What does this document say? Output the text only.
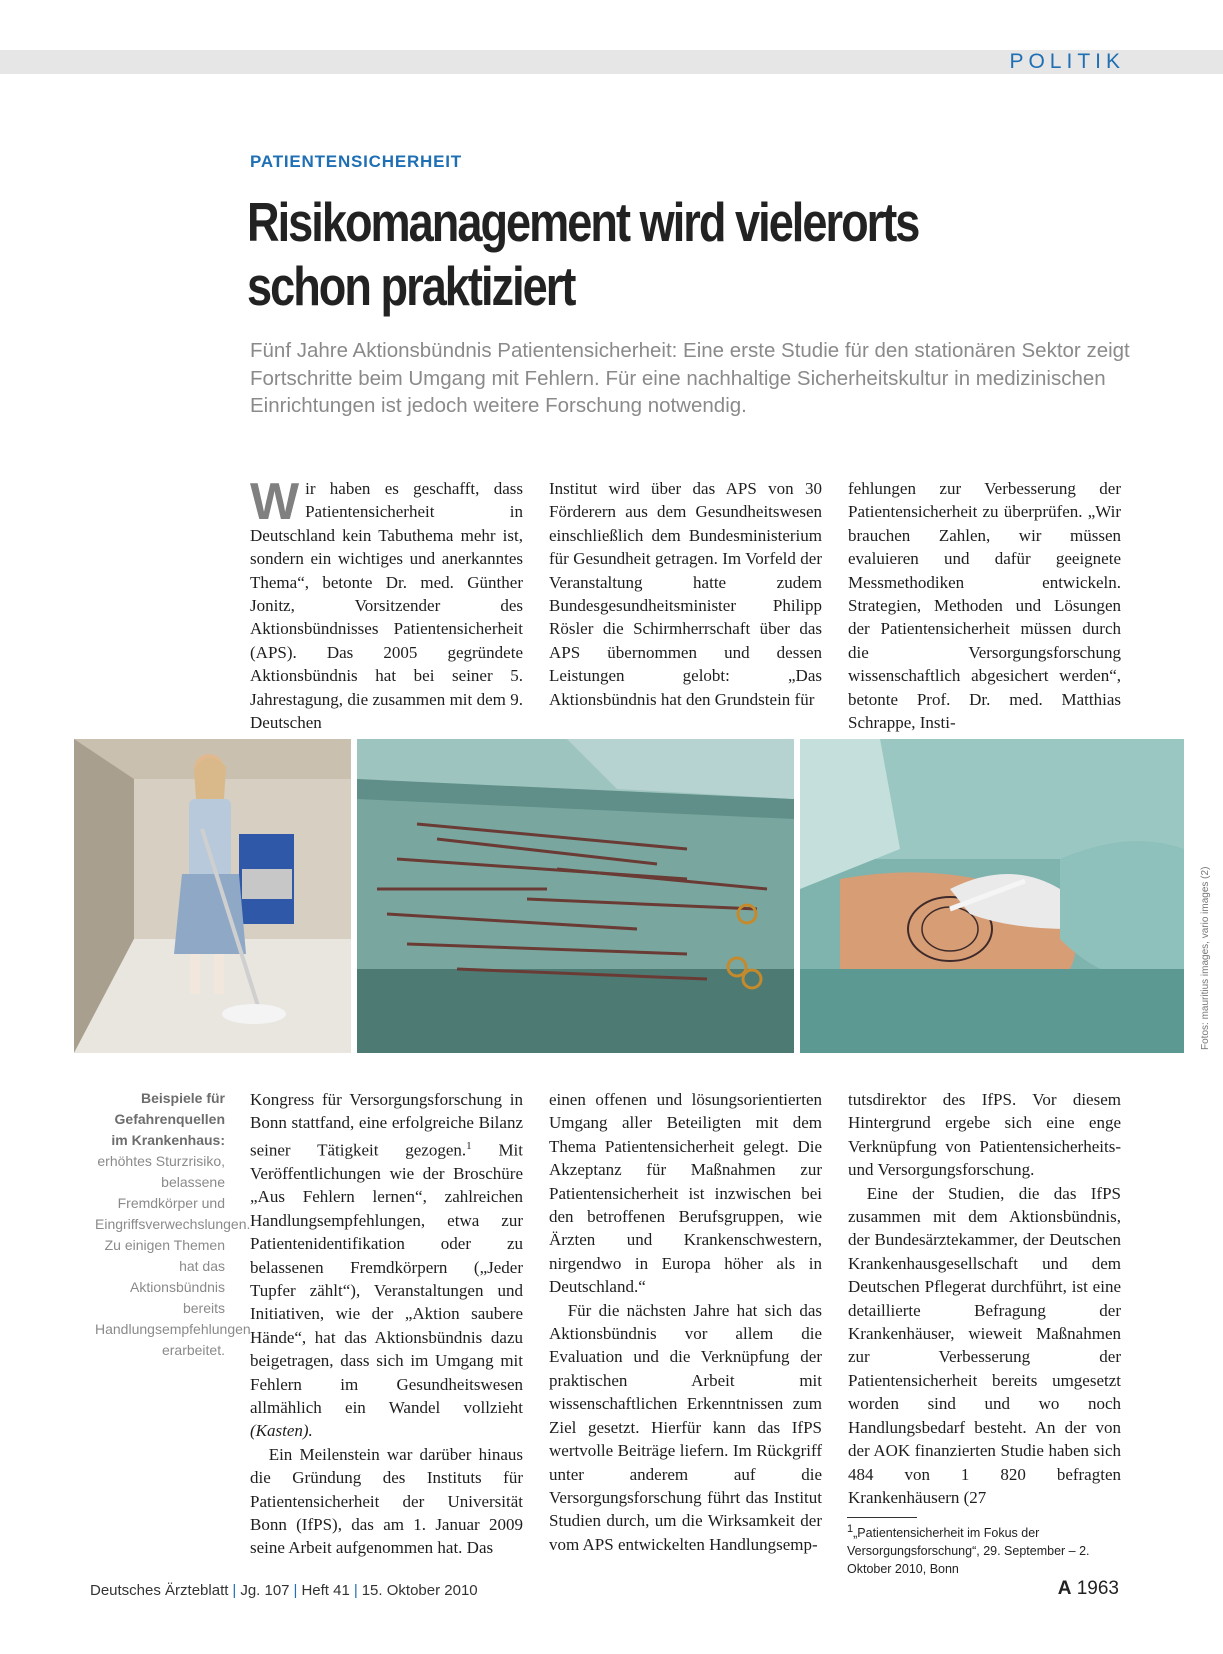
POLITIK
PATIENTENSICHERHEIT
Risikomanagement wird vielerorts
schon praktiziert

Fünf Jahre Aktionsbündnis Patientensicherheit: Eine erste Studie für den stationären Sektor zeigt Fortschritte beim Umgang mit Fehlern. Für eine nachhaltige Sicherheitskultur in medizinischen Einrichtungen ist jedoch weitere Forschung notwendig.

Wir haben es geschafft, dass Patientensicherheit in Deutschland kein Tabuthema mehr ist, sondern ein wichtiges und anerkanntes Thema“, betonte Dr. med. Günther Jonitz, Vorsitzender des Aktionsbündnisses Patientensicherheit (APS). Das 2005 gegründete Aktionsbündnis hat bei seiner 5. Jahrestagung, die zusammen mit dem 9. Deutschen

Institut wird über das APS von 30 Förderern aus dem Gesundheitswesen einschließlich dem Bundesministerium für Gesundheit getragen. Im Vorfeld der Veranstaltung hatte zudem Bundesgesundheitsminister Philipp Rösler die Schirmherrschaft über das APS übernommen und dessen Leistungen gelobt: „Das Aktionsbündnis hat den Grundstein für

fehlungen zur Verbesserung der Patientensicherheit zu überprüfen. „Wir brauchen Zahlen, wir müssen evaluieren und dafür geeignete Messmethodiken entwickeln. Strategien, Methoden und Lösungen der Patientensicherheit müssen durch die Versorgungsforschung wissenschaftlich abgesichert werden“, betonte Prof. Dr. med. Matthias Schrappe, Insti-

Fotos: mauritius images, vario images (2)
Beispiele für Gefahrenquellen im Krankenhaus: erhöhtes Sturzrisiko, belassene Fremdkörper und Eingriffsverwechslungen. Zu einigen Themen hat das Aktionsbündnis bereits Handlungsempfehlungen erarbeitet.

Kongress für Versorgungsforschung in Bonn stattfand, eine erfolgreiche Bilanz seiner Tätigkeit gezogen.$^1$ Mit Veröffentlichungen wie der Broschüre „Aus Fehlern lernen“, zahlreichen Handlungsempfehlungen, etwa zur Patientenidentifikation oder zu belassenen Fremdkörpern („Jeder Tupfer zählt“), Veranstaltungen und Initiativen, wie der „Aktion saubere Hände“, hat das Aktionsbündnis dazu beigetragen, dass sich im Umgang mit Fehlern im Gesundheitswesen allmählich ein Wandel vollzieht (Kasten).

Ein Meilenstein war darüber hinaus die Gründung des Instituts für Patientensicherheit der Universität Bonn (IfPS), das am 1. Januar 2009 seine Arbeit aufgenommen hat. Das

einen offenen und lösungsorientierten Umgang aller Beteiligten mit dem Thema Patientensicherheit gelegt. Die Akzeptanz für Maßnahmen zur Patientensicherheit ist inzwischen bei den betroffenen Berufsgruppen, wie Ärzten und Krankenschwestern, nirgendwo in Europa höher als in Deutschland.“

Für die nächsten Jahre hat sich das Aktionsbündnis vor allem die Evaluation und die Verknüpfung der praktischen Arbeit mit wissenschaftlichen Erkenntnissen zum Ziel gesetzt. Hierfür kann das IfPS wertvolle Beiträge liefern. Im Rückgriff unter anderem auf die Versorgungsforschung führt das Institut Studien durch, um die Wirksamkeit der vom APS entwickelten Handlungsemp-

tutsdirektor des IfPS. Vor diesem Hintergrund ergebe sich eine enge Verknüpfung von Patientensicherheits- und Versorgungsforschung.

Eine der Studien, die das IfPS zusammen mit dem Aktionsbündnis, der Bundesärztekammer, der Deutschen Krankenhausgesellschaft und dem Deutschen Pflegerat durchführt, ist eine detaillierte Befragung der Krankenhäuser, wieweit Maßnahmen zur Verbesserung der Patientensicherheit bereits umgesetzt worden sind und wo noch Handlungsbedarf besteht. An der von der AOK finanzierten Studie haben sich 484 von 1 820 befragten Krankenhäusern (27

$^1$„Patientensicherheit im Fokus der Versorgungsforschung“, 29. September – 2. Oktober 2010, Bonn
Deutsches Ärzteblatt | Jg. 107 | Heft 41 | 15. Oktober 2010	A 1963
